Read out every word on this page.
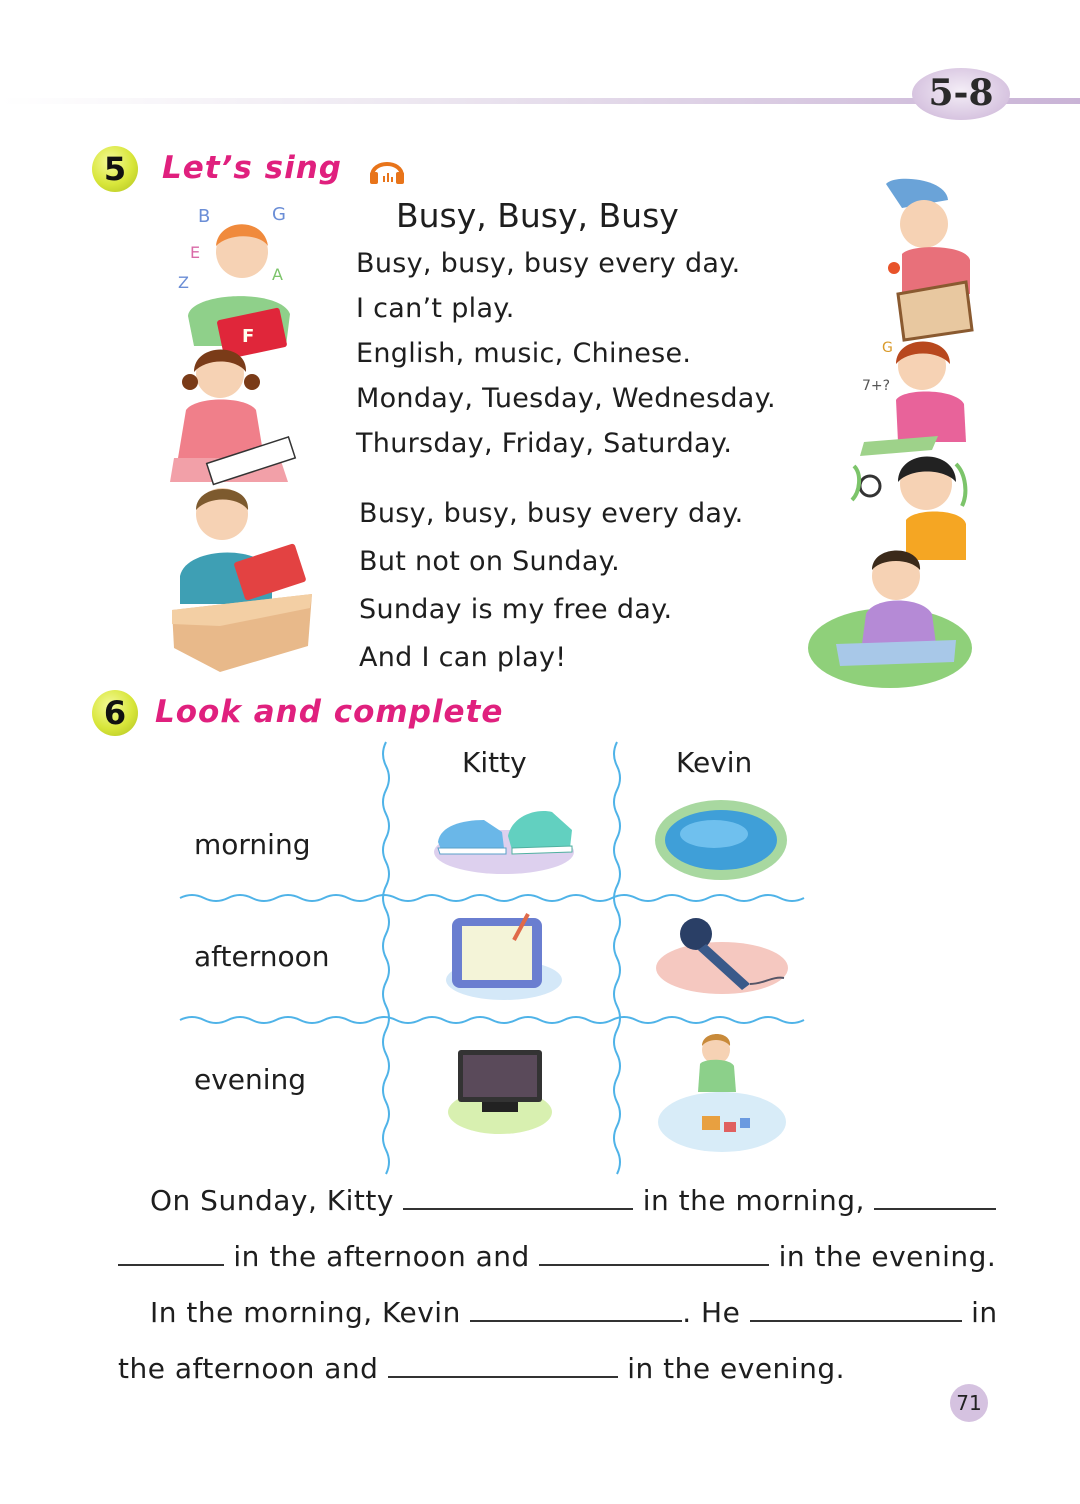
5-8
5	Let’s sing
B	G
E
Z	A
F
Busy, Busy, Busy
Busy, busy, busy every day.
I can’t play.
English, music, Chinese.
Monday, Tuesday, Wednesday.
Thursday, Friday, Saturday.
Busy, busy, busy every day.
But not on Sunday.
Sunday is my free day.
And I can play!
7+?
G
6 Look and complete
Kitty	Kevin
morning
afternoon
evening
On Sunday, Kitty	in the morning,
in the afternoon and	in the evening.
In the morning, Kevin	. He	in
the afternoon and	in the evening.
71
